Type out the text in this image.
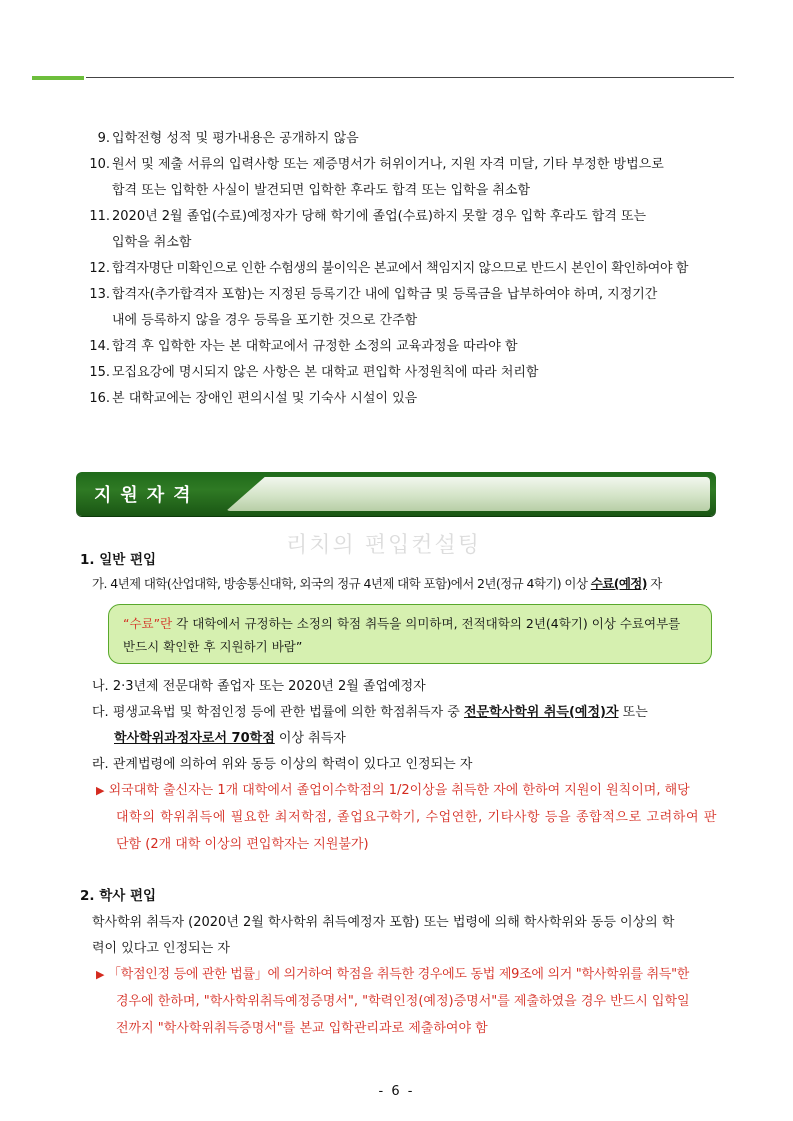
9. 입학전형 성적 및 평가내용은 공개하지 않음
10. 원서 및 제출 서류의 입력사항 또는 제증명서가 허위이거나, 지원 자격 미달, 기타 부정한 방법으로
합격 또는 입학한 사실이 발견되면 입학한 후라도 합격 또는 입학을 취소함
11. 2020년 2월 졸업(수료)예정자가 당해 학기에 졸업(수료)하지 못할 경우 입학 후라도 합격 또는
입학을 취소함
12. 합격자명단 미확인으로 인한 수험생의 불이익은 본교에서 책임지지 않으므로 반드시 본인이 확인하여야 함
13. 합격자(추가합격자 포함)는 지정된 등록기간 내에 입학금 및 등록금을 납부하여야 하며, 지정기간
내에 등록하지 않을 경우 등록을 포기한 것으로 간주함
14. 합격 후 입학한 자는 본 대학교에서 규정한 소정의 교육과정을 따라야 함
15. 모집요강에 명시되지 않은 사항은 본 대학교 편입학 사정원칙에 따라 처리함
16. 본 대학교에는 장애인 편의시설 및 기숙사 시설이 있음
지원자격
리치의 편입컨설팅
1. 일반 편입
가. 4년제 대학(산업대학, 방송통신대학, 외국의 정규 4년제 대학 포함)에서 2년(정규 4학기) 이상 수료(예정) 자
“수료”란 각 대학에서 규정하는 소정의 학점 취득을 의미하며, 전적대학의 2년(4학기) 이상 수료여부를
반드시 확인한 후 지원하기 바람”
나. 2·3년제 전문대학 졸업자 또는 2020년 2월 졸업예정자
다. 평생교육법 및 학점인정 등에 관한 법률에 의한 학점취득자 중 전문학사학위 취득(예정)자 또는
학사학위과정자로서 70학점 이상 취득자
라. 관계법령에 의하여 위와 동등 이상의 학력이 있다고 인정되는 자
▶ 외국대학 출신자는 1개 대학에서 졸업이수학점의 1/2이상을 취득한 자에 한하여 지원이 원칙이며, 해당
대학의 학위취득에 필요한 최저학점, 졸업요구학기, 수업연한, 기타사항 등을 종합적으로 고려하여 판
단함 (2개 대학 이상의 편입학자는 지원불가)
2. 학사 편입
학사학위 취득자 (2020년 2월 학사학위 취득예정자 포함) 또는 법령에 의해 학사학위와 동등 이상의 학
력이 있다고 인정되는 자
▶ 「학점인정 등에 관한 법률」에 의거하여 학점을 취득한 경우에도 동법 제9조에 의거 "학사학위를 취득"한
경우에 한하며, "학사학위취득예정증명서", "학력인정(예정)증명서"를 제출하였을 경우 반드시 입학일
전까지 "학사학위취득증명서"를 본교 입학관리과로 제출하여야 함
- 6 -
